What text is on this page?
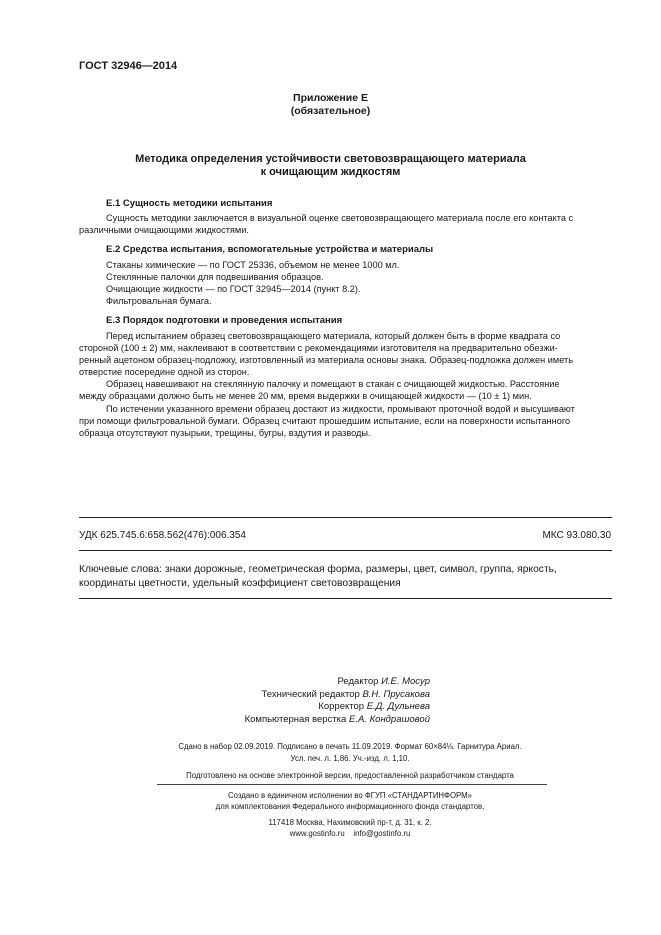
ГОСТ 32946—2014
Приложение Е
(обязательное)
Методика определения устойчивости световозвращающего материала
к очищающим жидкостям
Е.1 Сущность методики испытания
Сущность методики заключается в визуальной оценке световозвращающего материала после его контакта с
различными очищающими жидкостями.
Е.2 Средства испытания, вспомогательные устройства и материалы
Стаканы химические — по ГОСТ 25336, объемом не менее 1000 мл.
Стеклянные палочки для подвешивания образцов.
Очищающие жидкости — по ГОСТ 32945—2014 (пункт 8.2).
Фильтровальная бумага.
Е.3 Порядок подготовки и проведения испытания
Перед испытанием образец световозвращающего материала, который должен быть в форме квадрата со
стороной (100 ± 2) мм, наклеивают в соответствии с рекомендациями изготовителя на предварительно обезжи-
ренный ацетоном образец-подложку, изготовленный из материала основы знака. Образец-подложка должен иметь
отверстие посередине одной из сторон.
Образец навешивают на стеклянную палочку и помещают в стакан с очищающей жидкостью. Расстояние
между образцами должно быть не менее 20 мм, время выдержки в очищающей жидкости — (10 ± 1) мин.
По истечении указанного времени образец достают из жидкости, промывают проточной водой и высушивают
при помощи фильтровальной бумаги. Образец считают прошедшим испытание, если на поверхности испытанного
образца отсутствуют пузырьки, трещины, бугры, вздутия и разводы.
УДК 625.745.6:658.562(476):006.354	МКС 93.080.30
Ключевые слова: знаки дорожные, геометрическая форма, размеры, цвет, символ, группа, яркость,
координаты цветности, удельный коэффициент световозвращения
Редактор И.Е. Мосур
Технический редактор В.Н. Прусакова
Корректор Е.Д. Дульнева
Компьютерная верстка Е.А. Кондрашовой
Сдано в набор 02.09.2019. Подписано в печать 11.09.2019. Формат 60×84⅛. Гарнитура Ариал.
Усл. печ. л. 1,86. Уч.-изд. л. 1,10.
Подготовлено на основе электронной версии, предоставленной разработчиком стандарта
Создано в единичном исполнении во ФГУП «СТАНДАРТИНФОРМ»
для комплектования Федерального информационного фонда стандартов,
117418 Москва, Нахимовский пр-т, д. 31, к. 2.
www.gostinfo.ru info@gostinfo.ru
